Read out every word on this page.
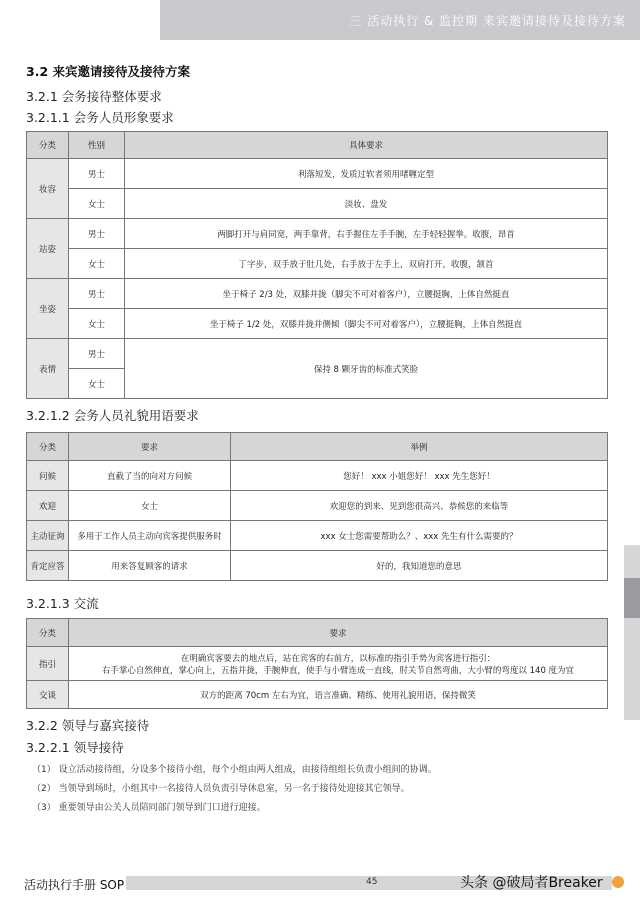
三 活动执行 & 监控期 来宾邀请接待及接待方案
3.2 来宾邀请接待及接待方案
3.2.1 会务接待整体要求
3.2.1.1 会务人员形象要求
分类	性别	具体要求
妆容	男士	利落短发，发质过软者须用啫喱定型
	女士	淡妆、盘发
站姿	男士	两脚打开与肩同宽，两手靠背，右手握住左手手腕，左手轻轻握拳。收腹，昂首
	女士	丁字步，双手放于肚几处，右手放于左手上，双肩打开，收腹，颔首
坐姿	男士	坐于椅子 2/3 处，双膝并拢（脚尖不可对着客户），立腰挺胸，上体自然挺直
	女士	坐于椅子 1/2 处，双膝并拢并侧倾（脚尖不可对着客户），立腰挺胸，上体自然挺直
表情	男士	保持 8 颗牙齿的标准式笑脸
	女士	
3.2.1.2 会务人员礼貌用语要求
分类	要求	举例
问候	直截了当的向对方问候	您好！ xxx 小姐您好！ xxx 先生您好！
欢迎	女士	欢迎您的到来、见到您很高兴、恭候您的来临等
主动征询	多用于工作人员主动向宾客提供服务时	xxx 女士您需要帮助么？、xxx 先生有什么需要的？
肯定应答	用来答复顾客的请求	好的，我知道您的意思
3.2.1.3 交流
分类	要求
指引	在明确宾客要去的地点后，站在宾客的右前方，以标准的指引手势为宾客进行指引：
右手掌心自然伸直，掌心向上，五指并拢，手腕伸直，使手与小臂连成一直线，肘关节自然弯曲，大小臂的弯度以 140 度为宜

交谈	双方的距离 70cm 左右为宜，语言准确、精练、使用礼貌用语，保持微笑
3.2.2 领导与嘉宾接待
3.2.2.1 领导接待
（1） 设立活动接待组，分设多个接待小组，每个小组由两人组成，由接待组组长负责小组间的协调。
（2） 当领导到场时，小组其中一名接待人员负责引导休息室，另一名于接待处迎接其它领导。
（3） 重要领导由公关人员陪同部门领导到门口进行迎接。
活动执行手册 SOP	45	头条 @破局者Breaker
